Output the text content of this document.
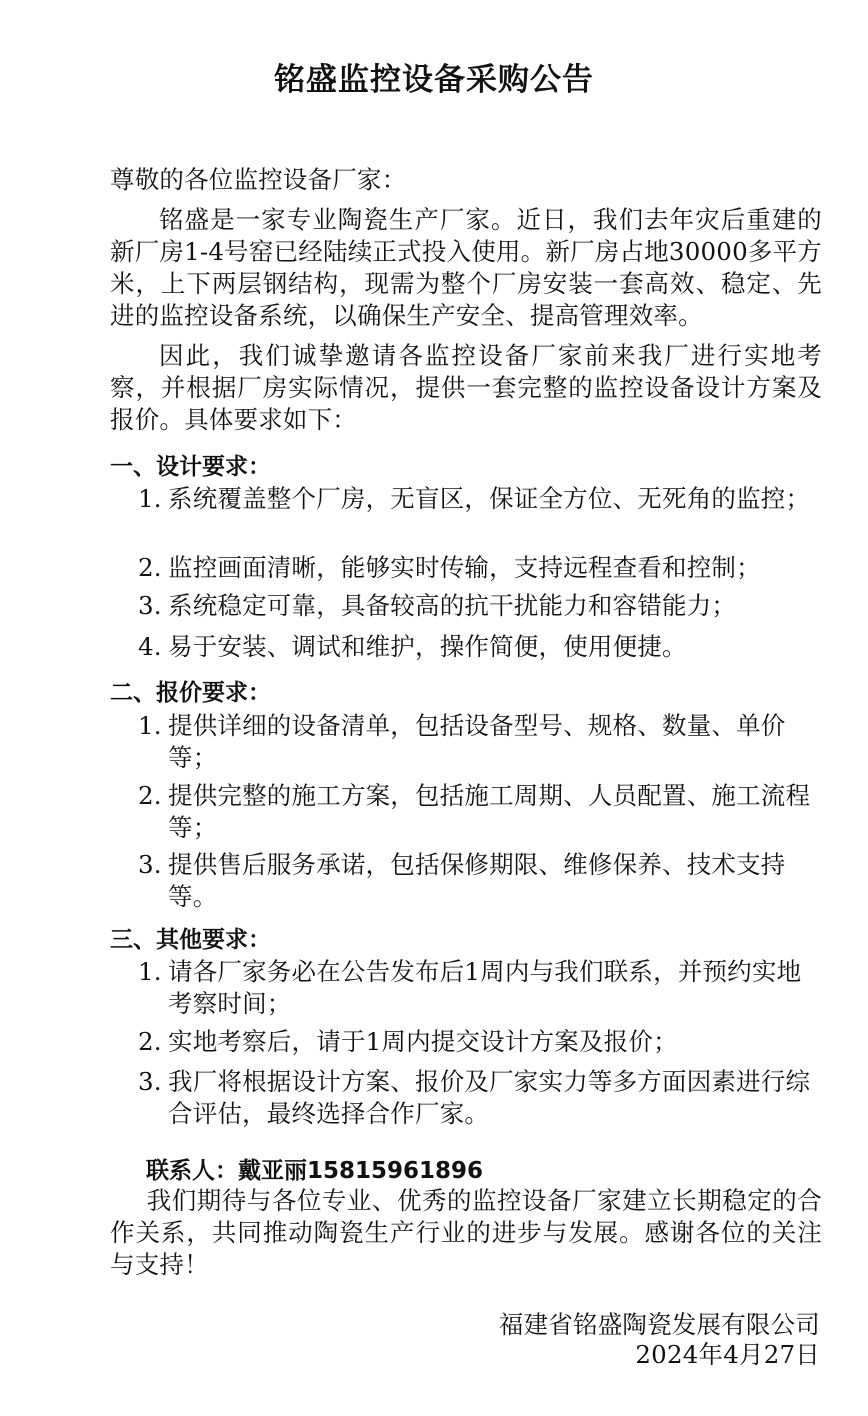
铭盛监控设备采购公告
尊敬的各位监控设备厂家：
铭盛是一家专业陶瓷生产厂家。近日，我们去年灾后重建的新厂房1-4号窑已经陆续正式投入使用。新厂房占地30000多平方米，上下两层钢结构，现需为整个厂房安装一套高效、稳定、先进的监控设备系统，以确保生产安全、提高管理效率。
因此，我们诚挚邀请各监控设备厂家前来我厂进行实地考察，并根据厂房实际情况，提供一套完整的监控设备设计方案及报价。具体要求如下：
一、设计要求：
1. 系统覆盖整个厂房，无盲区，保证全方位、无死角的监控；
2. 监控画面清晰，能够实时传输，支持远程查看和控制；
3. 系统稳定可靠，具备较高的抗干扰能力和容错能力；
4. 易于安装、调试和维护，操作简便，使用便捷。
二、报价要求：
1. 提供详细的设备清单，包括设备型号、规格、数量、单价等；
2. 提供完整的施工方案，包括施工周期、人员配置、施工流程等；
3. 提供售后服务承诺，包括保修期限、维修保养、技术支持等。
三、其他要求：
1. 请各厂家务必在公告发布后1周内与我们联系，并预约实地考察时间；
2. 实地考察后，请于1周内提交设计方案及报价；
3. 我厂将根据设计方案、报价及厂家实力等多方面因素进行综合评估，最终选择合作厂家。
联系人：戴亚丽15815961896
我们期待与各位专业、优秀的监控设备厂家建立长期稳定的合作关系，共同推动陶瓷生产行业的进步与发展。感谢各位的关注与支持！
福建省铭盛陶瓷发展有限公司
2024年4月27日
